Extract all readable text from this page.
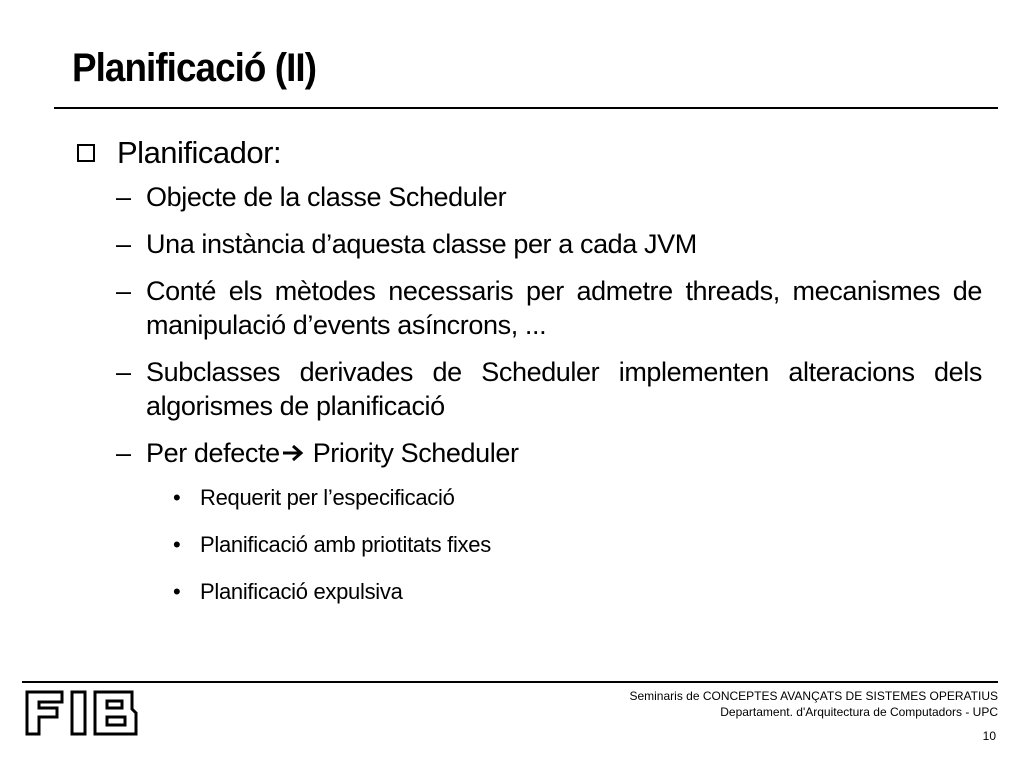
Planificació (II)
Planificador:
– Objecte de la classe Scheduler
– Una instància d’aquesta classe per a cada JVM
– Conté els mètodes necessaris per admetre threads, mecanismes de manipulació d’events asíncrons, ...
– Subclasses derivades de Scheduler implementen alteracions dels algorismes de planificació
– Per defecte Priority Scheduler
• Requerit per l’especificació
• Planificació amb priotitats fixes
• Planificació expulsiva
Seminaris de CONCEPTES AVANÇATS DE SISTEMES OPERATIUS
Departament. d'Arquitectura de Computadors - UPC
10
